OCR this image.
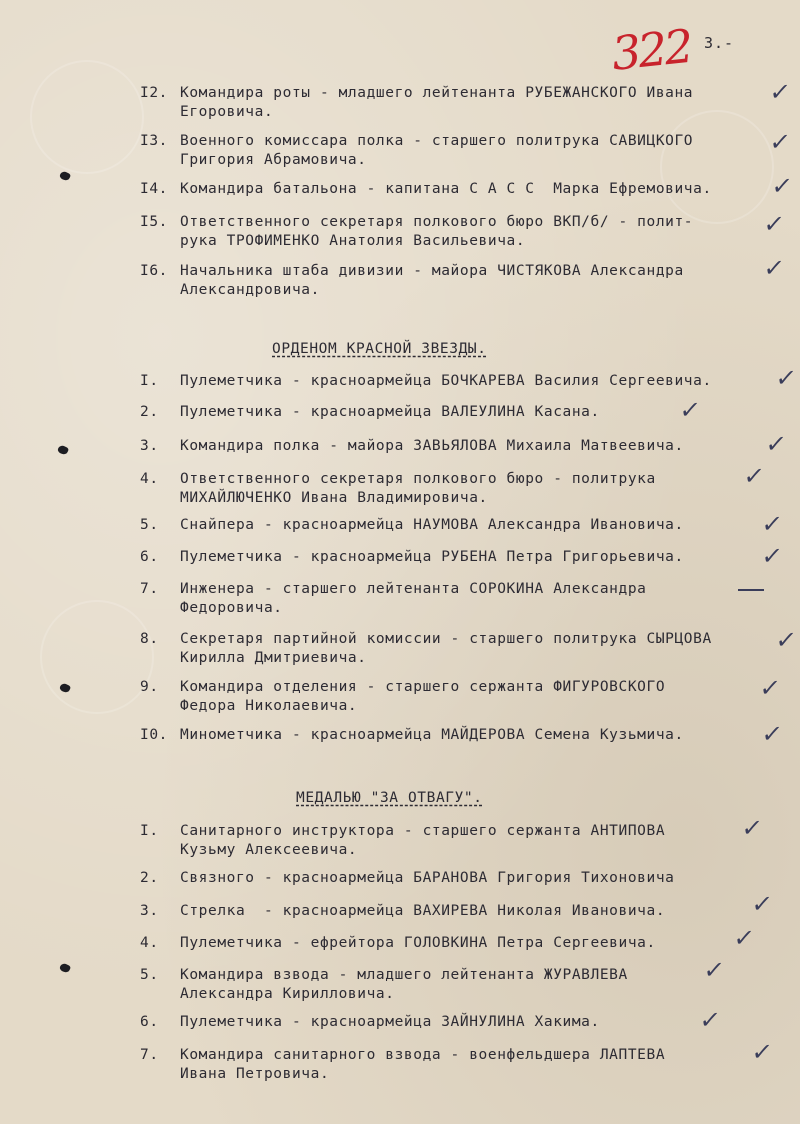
322 3.-
I2. Командира роты - младшего лейтенанта РУБЕЖАНСКОГО Ивана
Егоровича.
I3. Военного комиссара полка - старшего политрука САВИЦКОГО
Григория Абрамовича.
I4. Командира батальона - капитана С А С С  Марка Ефремовича.
I5. Ответственного секретаря полкового бюро ВКП/б/ - полит-
рука ТРОФИМЕНКО Анатолия Васильевича.
I6. Начальника штаба дивизии - майора ЧИСТЯКОВА Александра
Александровича.
ОРДЕНОМ КРАСНОЙ ЗВЕЗДЫ.
I. Пулеметчика - красноармейца БОЧКАРЕВА Василия Сергеевича.
2. Пулеметчика - красноармейца ВАЛЕУЛИНА Касана.
3. Командира полка - майора ЗАВЬЯЛОВА Михаила Матвеевича.
4. Ответственного секретаря полкового бюро - политрука
МИХАЙЛЮЧЕНКО Ивана Владимировича.
5. Снайпера - красноармейца НАУМОВА Александра Ивановича.
6. Пулеметчика - красноармейца РУБЕНА Петра Григорьевича.
7. Инженера - старшего лейтенанта СОРОКИНА Александра
Федоровича.
8. Секретаря партийной комиссии - старшего политрука СЫРЦОВА
Кирилла Дмитриевича.
9. Командира отделения - старшего сержанта ФИГУРОВСКОГО
Федора Николаевича.
I0. Минометчика - красноармейца МАЙДЕРОВА Семена Кузьмича.
МЕДАЛЬЮ "ЗА ОТВАГУ".
I. Санитарного инструктора - старшего сержанта АНТИПОВА
Кузьму Алексеевича.
2. Связного - красноармейца БАРАНОВА Григория Тихоновича
3. Стрелка  - красноармейца ВАХИРЕВА Николая Ивановича.
4. Пулеметчика - ефрейтора ГОЛОВКИНА Петра Сергеевича.
5. Командира взвода - младшего лейтенанта ЖУРАВЛЕВА
Александра Кирилловича.
6. Пулеметчика - красноармейца ЗАЙНУЛИНА Хакима.
7. Командира санитарного взвода - военфельдшера ЛАПТЕВА
Ивана Петровича.
✓
✓
✓
✓
✓
✓
✓
✓
✓
✓
✓
✓
✓
✓
✓
✓
✓
✓
✓
✓
